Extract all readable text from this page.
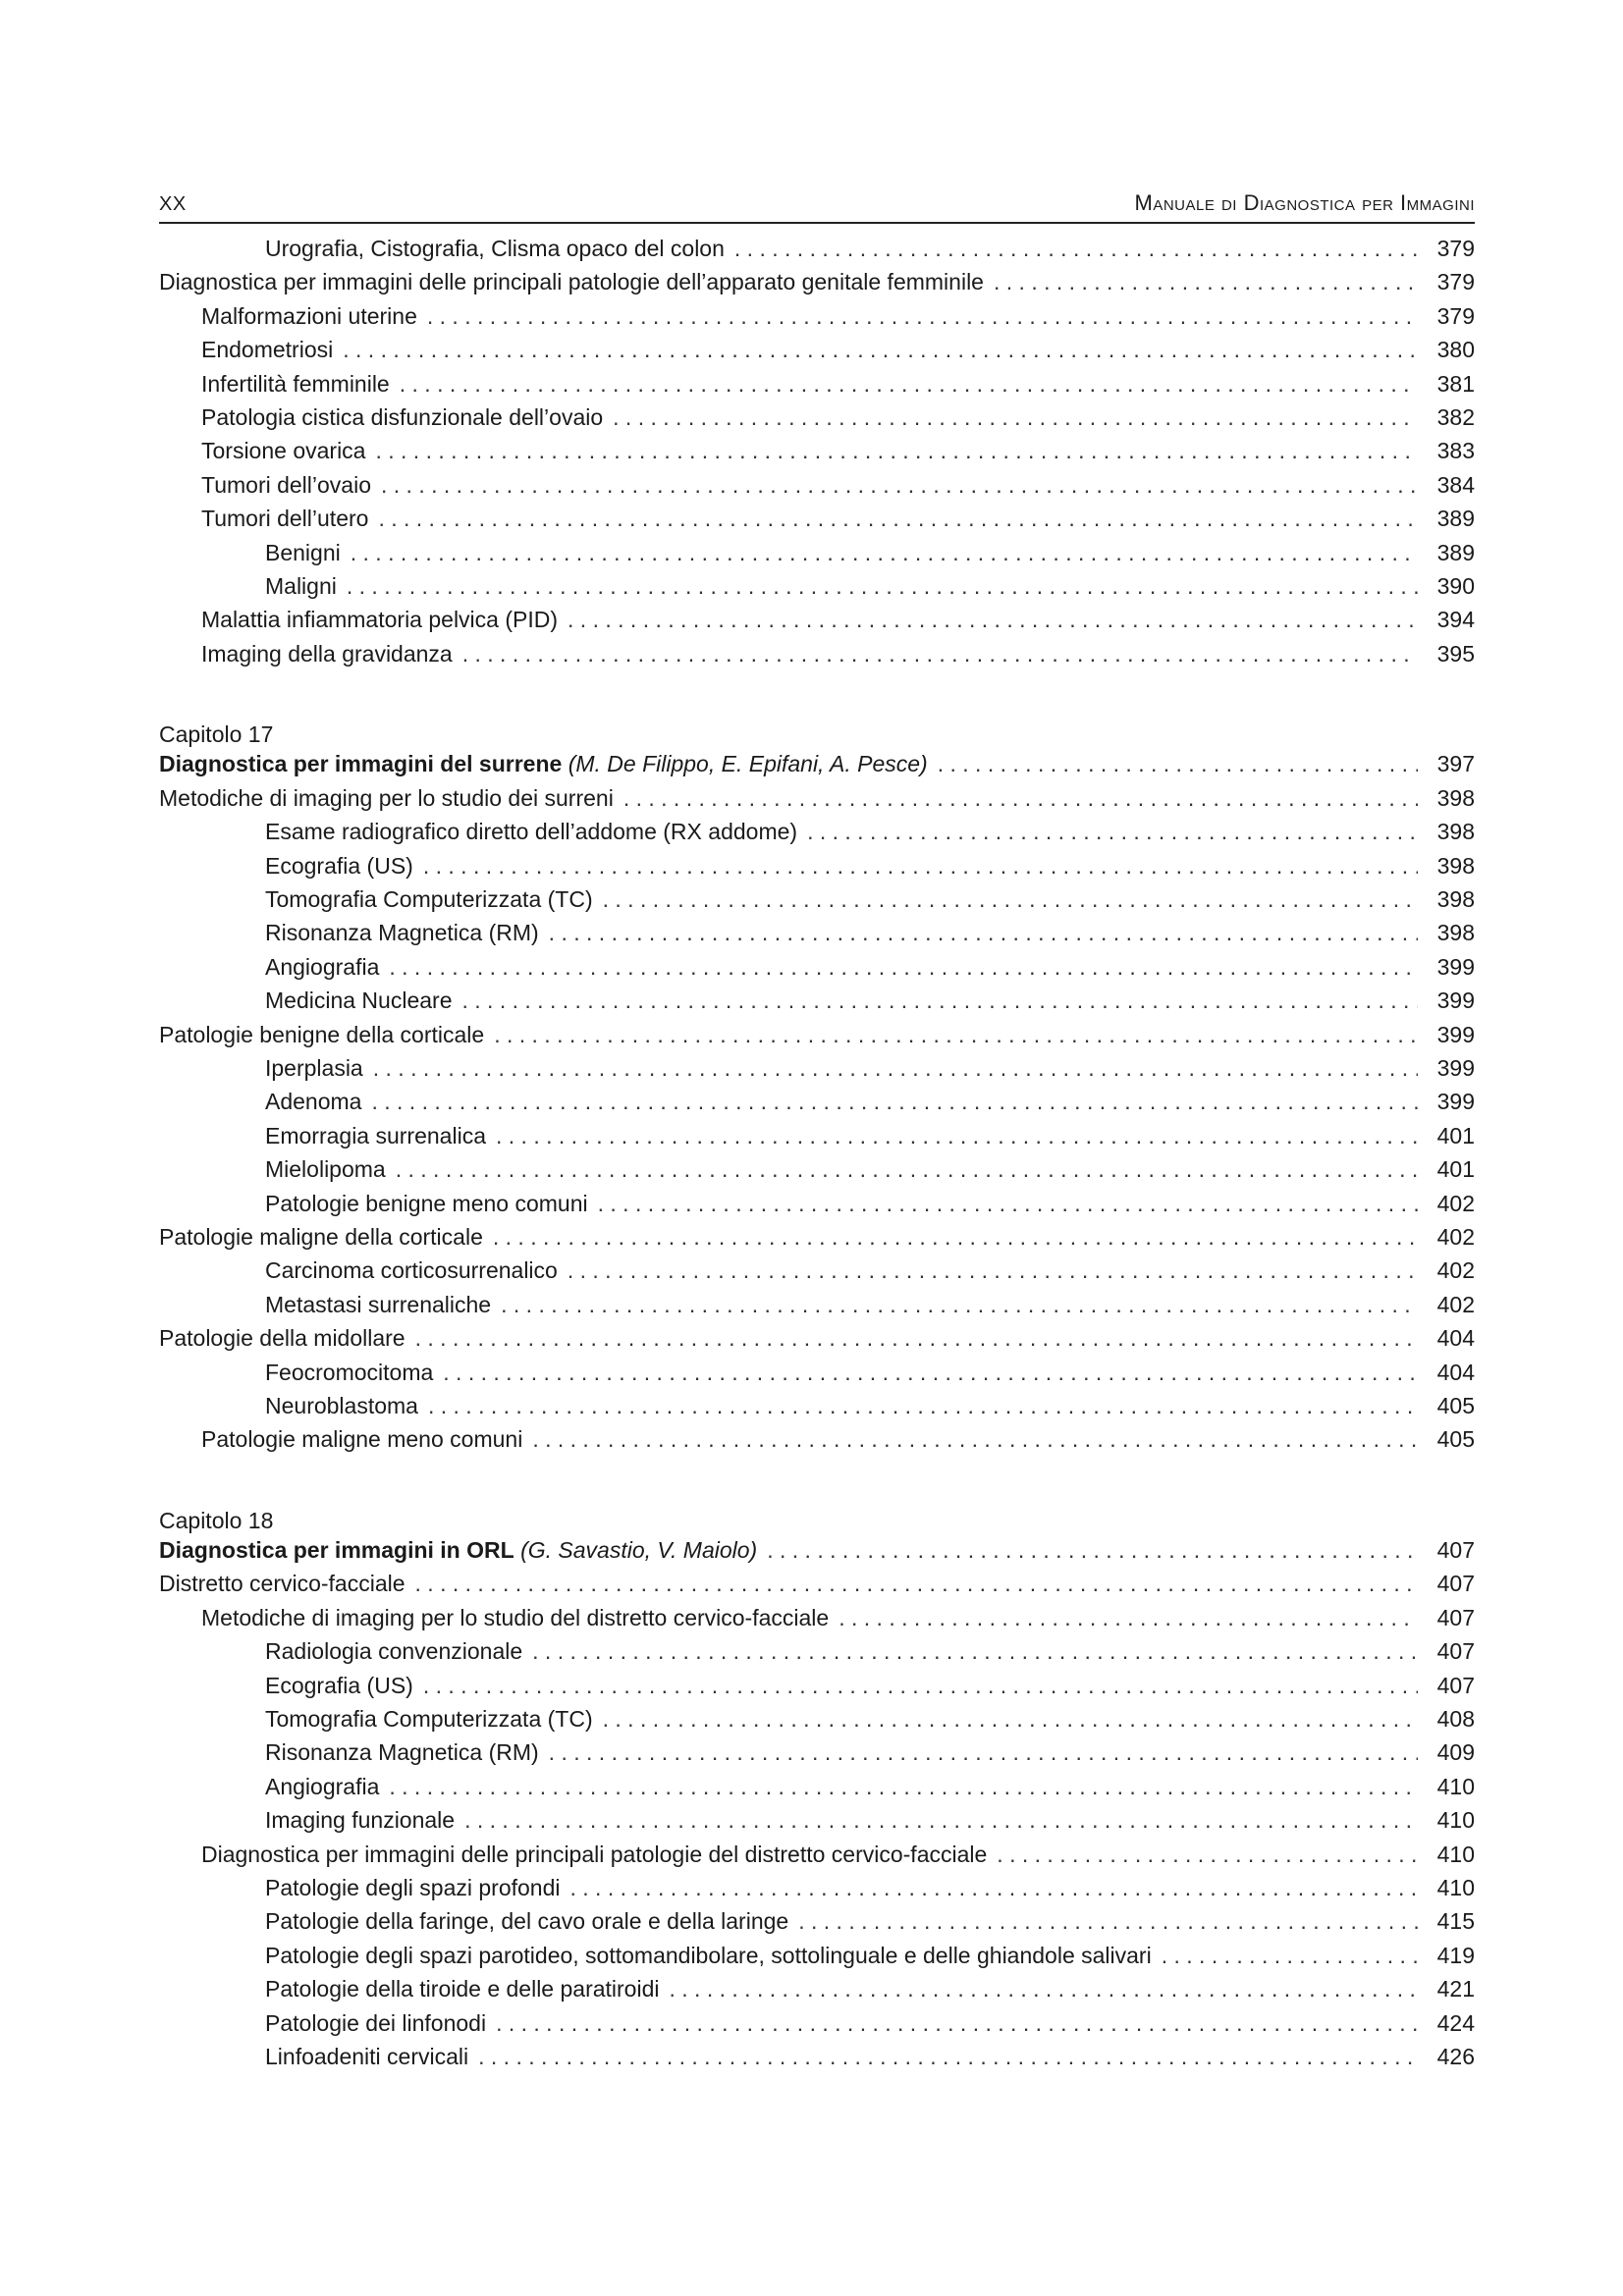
XX	Manuale di Diagnostica per Immagini
Urografia, Cistografia, Clisma opaco del colon . . .	379
Diagnostica per immagini delle principali patologie dell’apparato genitale femminile . . .	379
Malformazioni uterine . . .	379
Endometriosi . . .	380
Infertilità femminile . . .	381
Patologia cistica disfunzionale dell’ovaio . . .	382
Torsione ovarica . . .	383
Tumori dell’ovaio . . .	384
Tumori dell’utero . . .	389
Benigni . . .	389
Maligni . . .	390
Malattia infiammatoria pelvica (PID) . . .	394
Imaging della gravidanza . . .	395
Capitolo 17
Diagnostica per immagini del surrene (M. De Filippo, E. Epifani, A. Pesce) . . .	397
Metodiche di imaging per lo studio dei surreni . . .	398
Esame radiografico diretto dell’addome (RX addome) . . .	398
Ecografia (US) . . .	398
Tomografia Computerizzata (TC) . . .	398
Risonanza Magnetica (RM) . . .	398
Angiografia . . .	399
Medicina Nucleare . . .	399
Patologie benigne della corticale . . .	399
Iperplasia . . .	399
Adenoma . . .	399
Emorragia surrenalica . . .	401
Mielolipoma . . .	401
Patologie benigne meno comuni . . .	402
Patologie maligne della corticale . . .	402
Carcinoma corticosurrenalico . . .	402
Metastasi surrenaliche . . .	402
Patologie della midollare . . .	404
Feocromocitoma . . .	404
Neuroblastoma . . .	405
Patologie maligne meno comuni . . .	405
Capitolo 18
Diagnostica per immagini in ORL (G. Savastio, V. Maiolo) . . .	407
Distretto cervico-facciale . . .	407
Metodiche di imaging per lo studio del distretto cervico-facciale . . .	407
Radiologia convenzionale . . .	407
Ecografia (US) . . .	407
Tomografia Computerizzata (TC) . . .	408
Risonanza Magnetica (RM) . . .	409
Angiografia . . .	410
Imaging funzionale . . .	410
Diagnostica per immagini delle principali patologie del distretto cervico-facciale . . .	410
Patologie degli spazi profondi . . .	410
Patologie della faringe, del cavo orale e della laringe . . .	415
Patologie degli spazi parotideo, sottomandibolare, sottolinguale e delle ghiandole salivari . . .	419
Patologie della tiroide e delle paratiroidi . . .	421
Patologie dei linfonodi . . .	424
Linfoadeniti cervicali . . .	426
